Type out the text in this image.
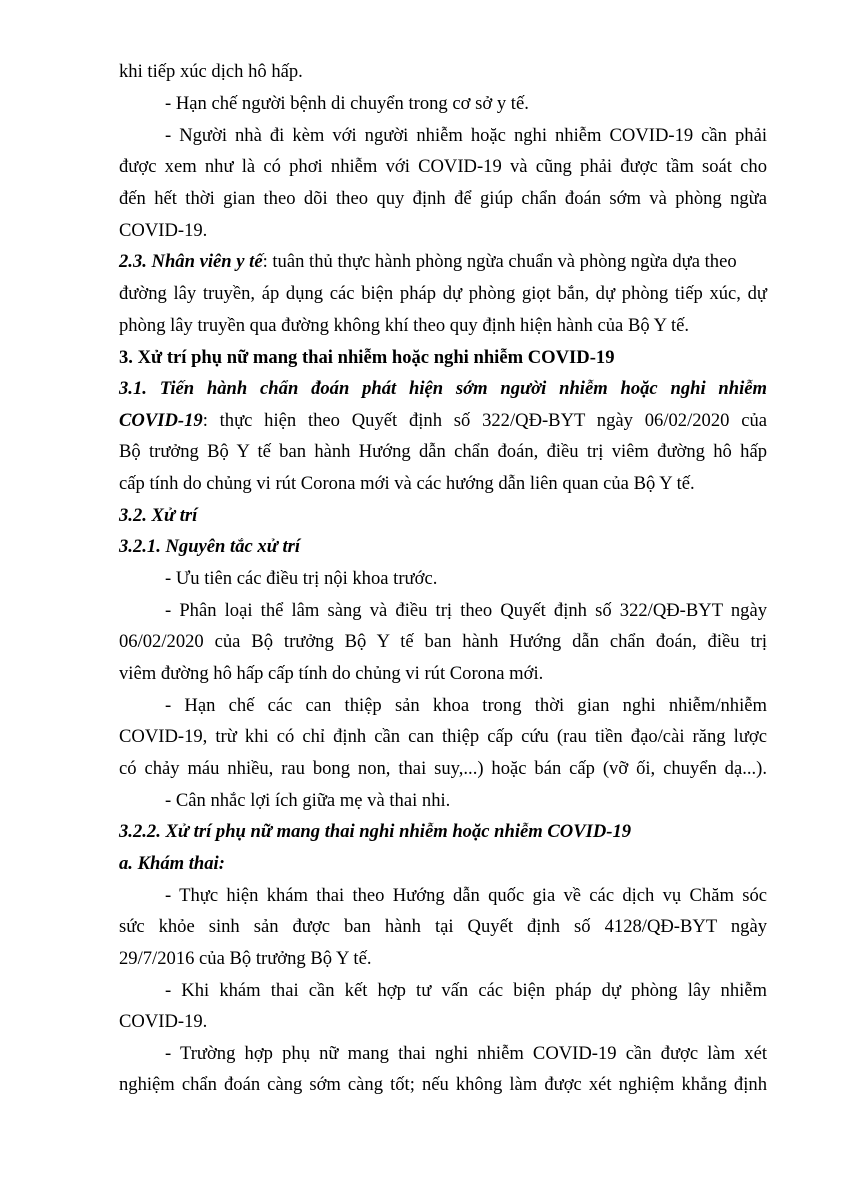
khi tiếp xúc dịch hô hấp.
- Hạn chế người bệnh di chuyển trong cơ sở y tế.
- Người nhà đi kèm với người nhiễm hoặc nghi nhiễm COVID-19 cần phải
được xem như là có phơi nhiễm với COVID-19 và cũng phải được tầm soát cho
đến hết thời gian theo dõi theo quy định để giúp chẩn đoán sớm và phòng ngừa
COVID-19.
2.3. Nhân viên y tế: tuân thủ thực hành phòng ngừa chuẩn và phòng ngừa dựa theo
đường lây truyền, áp dụng các biện pháp dự phòng giọt bắn, dự phòng tiếp xúc, dự
phòng lây truyền qua đường không khí theo quy định hiện hành của Bộ Y tế.
3. Xử trí phụ nữ mang thai nhiễm hoặc nghi nhiễm COVID-19
3.1. Tiến hành chẩn đoán phát hiện sớm người nhiễm hoặc nghi nhiễm
COVID-19: thực hiện theo Quyết định số 322/QĐ-BYT ngày 06/02/2020 của
Bộ trưởng Bộ Y tế ban hành Hướng dẫn chẩn đoán, điều trị viêm đường hô hấp
cấp tính do chủng vi rút Corona mới và các hướng dẫn liên quan của Bộ Y tế.
3.2. Xử trí
3.2.1. Nguyên tắc xử trí
- Ưu tiên các điều trị nội khoa trước.
- Phân loại thể lâm sàng và điều trị theo Quyết định số 322/QĐ-BYT ngày
06/02/2020 của Bộ trưởng Bộ Y tế ban hành Hướng dẫn chẩn đoán, điều trị
viêm đường hô hấp cấp tính do chủng vi rút Corona mới.
- Hạn chế các can thiệp sản khoa trong thời gian nghi nhiễm/nhiễm
COVID-19, trừ khi có chỉ định cần can thiệp cấp cứu (rau tiền đạo/cài răng lược
có chảy máu nhiều, rau bong non, thai suy,...) hoặc bán cấp (vỡ ối, chuyển dạ...).
- Cân nhắc lợi ích giữa mẹ và thai nhi.
3.2.2. Xử trí phụ nữ mang thai nghi nhiễm hoặc nhiễm COVID-19
a. Khám thai:
- Thực hiện khám thai theo Hướng dẫn quốc gia về các dịch vụ Chăm sóc
sức khỏe sinh sản được ban hành tại Quyết định số 4128/QĐ-BYT ngày
29/7/2016 của Bộ trưởng Bộ Y tế.
- Khi khám thai cần kết hợp tư vấn các biện pháp dự phòng lây nhiễm
COVID-19.
- Trường hợp phụ nữ mang thai nghi nhiễm COVID-19 cần được làm xét
nghiệm chẩn đoán càng sớm càng tốt; nếu không làm được xét nghiệm khẳng định
